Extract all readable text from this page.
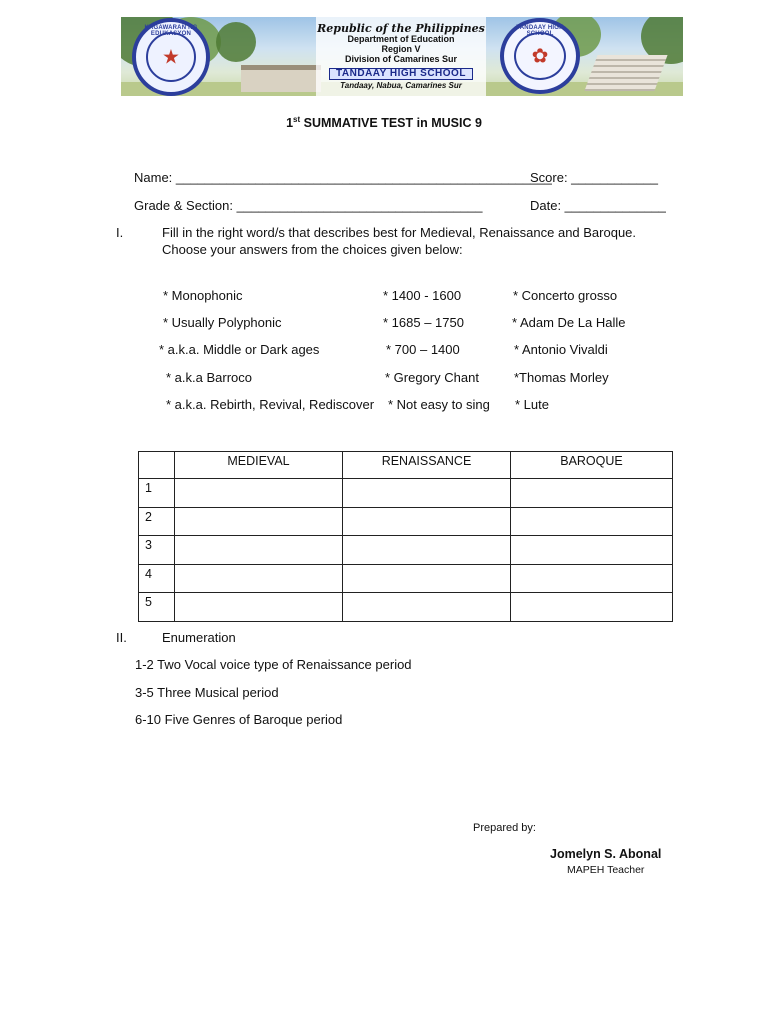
Republic of the Philippines
Department of Education
Region V
Division of Camarines Sur
TANDAAY HIGH SCHOOL
Tandaay, Nabua, Camarines Sur
KAGAWARAN NG EDUKASYON
★
TANDAAY HIGH SCHOOL
✿
1st SUMMATIVE TEST in MUSIC 9
Name: ____________________________________________________
Score: ____________
Grade & Section: __________________________________	Date: ______________
I.	Fill in the right word/s that describes best for Medieval, Renaissance and Baroque.
Choose your answers from the choices given below:
* Monophonic	* 1400 - 1600	* Concerto grosso
* Usually Polyphonic	* 1685 – 1750	* Adam De La Halle
* a.k.a. Middle or Dark ages	* 700 – 1400	* Antonio Vivaldi
* a.k.a Barroco	* Gregory Chant	*Thomas Morley
* a.k.a. Rebirth, Revival, Rediscover * Not easy to sing * Lute
	MEDIEVAL	RENAISSANCE	BAROQUE
1			
2			
3			
4			
5			
II.	Enumeration
1-2 Two Vocal voice type of Renaissance period
3-5 Three Musical period
6-10 Five Genres of Baroque period
Prepared by:
Jomelyn S. Abonal
MAPEH Teacher
